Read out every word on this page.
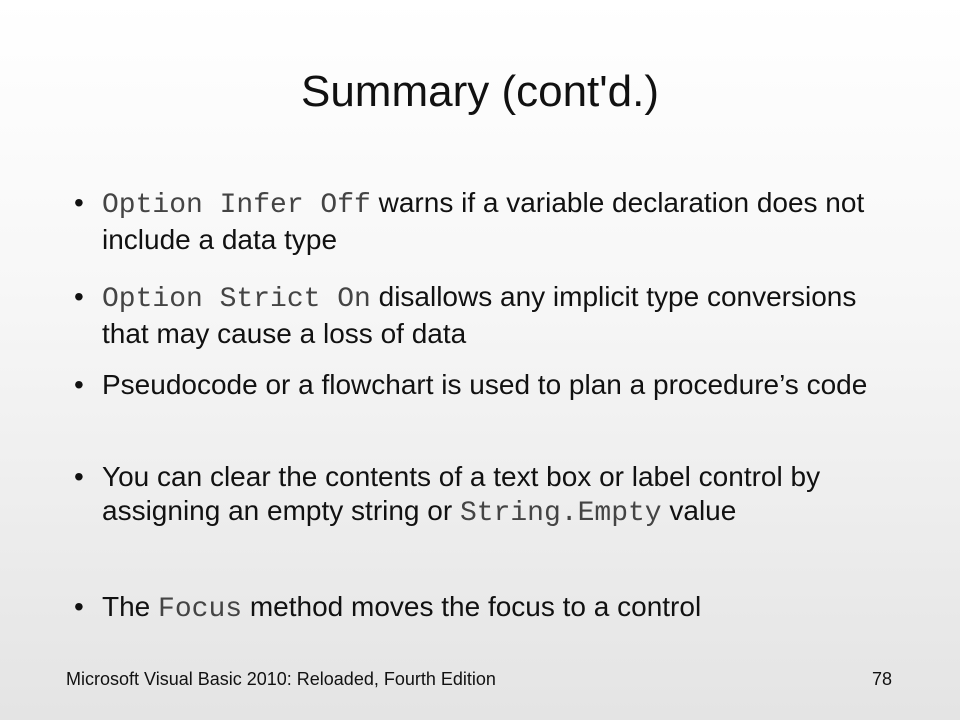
Summary (cont'd.)
• Option Infer Off warns if a variable declaration does not include a data type
• Option Strict On disallows any implicit type conversions that may cause a loss of data
• Pseudocode or a flowchart is used to plan a procedure’s code
• You can clear the contents of a text box or label control by assigning an empty string or String.Empty value
• The Focus method moves the focus to a control
Microsoft Visual Basic 2010: Reloaded, Fourth Edition	78
